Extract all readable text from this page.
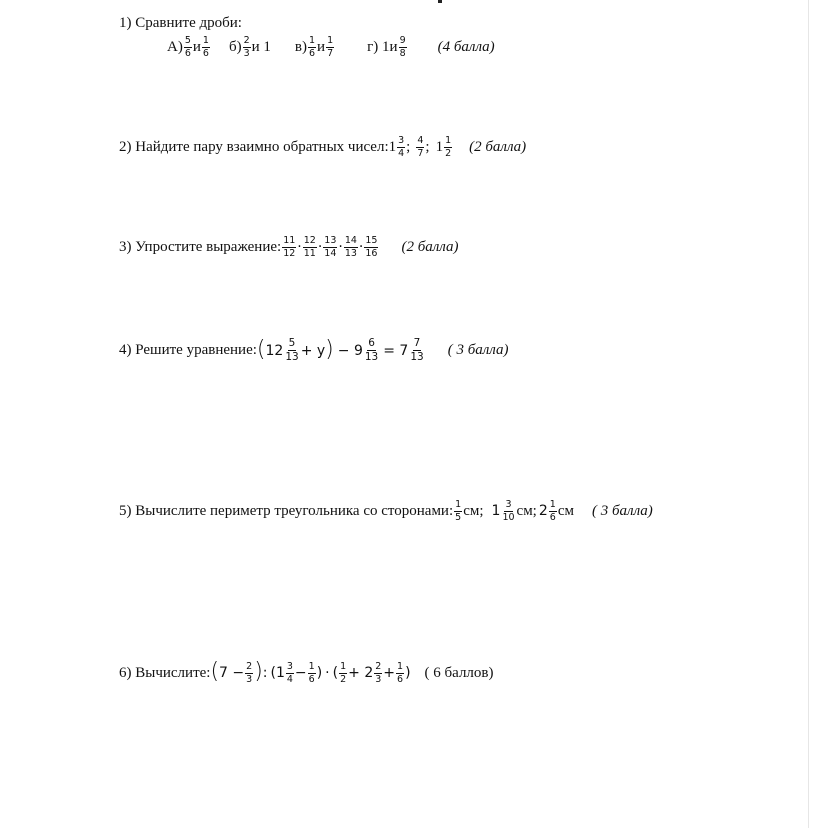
1) Сравните дроби:
$А) \frac{5}{6}$ и $\frac{1}{6} б) \frac{2}{3}$ и 1 $в) \frac{1}{6}$ и $\frac{1}{7} г$) $1и \frac{9}{8} (4$ балла)
2) Найдите пару взаимно обратных чисел: $1 \frac{3}{4}$ ; $\frac{4}{7}$ ; $1 \frac{1}{2} (2$ балла)
3) Упростите выражение: $\frac{11}{12} \cdot \frac{12}{11} \cdot \frac{13}{14} \cdot \frac{14}{13} \cdot \frac{15}{16} (2$ балла)
4) Решите уравнение: ( $12 \frac{5}{13} + y$ ) − $9 \frac{6}{13} = 7 \frac{7}{13}$ ( 3 балла)
5) Вычислите периметр треугольника со сторонами: $\frac{1}{5}$ см; $1 \frac{3}{10}$ см; $2 \frac{1}{6}$ см ( 3 балла)
6) Вычислите: ( $7 - \frac{2}{3}$ ) : ($1 \frac{3}{4} - \frac{1}{6}$ ) · ( $\frac{1}{2} + 2 \frac{2}{3} + \frac{1}{6}$ ) ( 6 баллов)
